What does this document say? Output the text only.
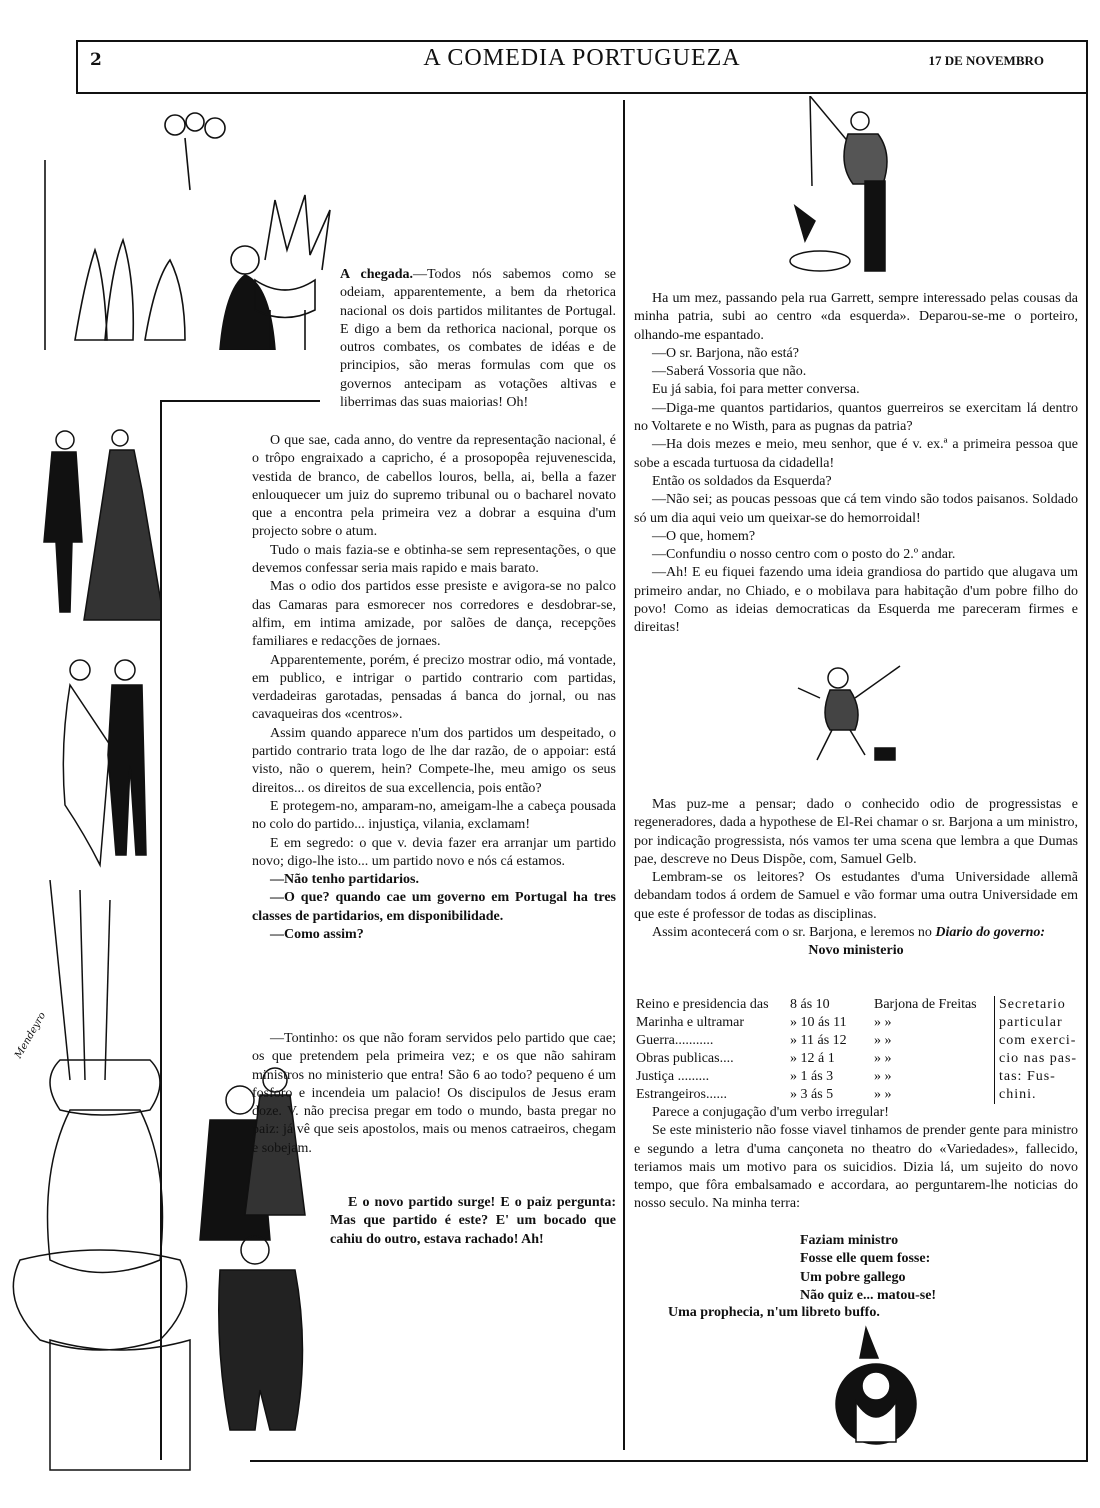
2	A COMEDIA PORTUGUEZA	17 DE NOVEMBRO
Mendeyro

A chegada.—Todos nós sabemos como se odeiam, apparentemente, a bem da rhetorica nacional os dois partidos militantes de Portugal. E digo a bem da rethorica nacional, porque os outros combates, os combates de idéas e de principios, são meras formulas com que os governos antecipam as votações altivas e liberrimas das suas maiorias! Oh!

O que sae, cada anno, do ventre da representação nacional, é o trôpo engraixado a capricho, é a prosopopêa rejuvenescida, vestida de branco, de cabellos louros, bella, ai, bella a fazer enlouquecer um juiz do supremo tribunal ou o bacharel novato que a encontra pela primeira vez a dobrar a esquina d'um projecto sobre o atum.

Tudo o mais fazia-se e obtinha-se sem representações, o que devemos confessar seria mais rapido e mais barato.

Mas o odio dos partidos esse presiste e avigora-se no palco das Camaras para esmorecer nos corredores e desdobrar-se, alfim, em intima amizade, por salões de dança, recepções familiares e redacções de jornaes.

Apparentemente, porém, é precizo mostrar odio, má vontade, em publico, e intrigar o partido contrario com partidas, verdadeiras garotadas, pensadas á banca do jornal, ou nas cavaqueiras dos «centros».

Assim quando apparece n'um dos partidos um despeitado, o partido contrario trata logo de lhe dar razão, de o appoiar: está visto, não o querem, hein? Compete-lhe, meu amigo os seus direitos... os direitos de sua excellencia, pois então?

E protegem-no, amparam-no, ameigam-lhe a cabeça pousada no colo do partido... injustiça, vilania, exclamam!

E em segredo: o que v. devia fazer era arranjar um partido novo; digo-lhe isto... um partido novo e nós cá estamos.

—Não tenho partidarios.

—O que? quando cae um governo em Portugal ha tres classes de partidarios, em disponibilidade.

—Como assim?

—Tontinho: os que não foram servidos pelo partido que cae; os que pretendem pela primeira vez; e os que não sahiram ministros no ministerio que entra! São 6 ao todo? pequeno é um fosforo e incendeia um palacio! Os discipulos de Jesus eram doze. V. não precisa pregar em todo o mundo, basta pregar no paiz: já vê que seis apostolos, mais ou menos catraeiros, chegam e sobejam.

E o novo partido surge! E o paiz pergunta: Mas que partido é este? E' um bocado que cahiu do outro, estava rachado! Ah!

Ha um mez, passando pela rua Garrett, sempre interessado pelas cousas da minha patria, subi ao centro «da esquerda». Deparou-se-me o porteiro, olhando-me espantado.

—O sr. Barjona, não está?

—Saberá Vossoria que não.

Eu já sabia, foi para metter conversa.

—Diga-me quantos partidarios, quantos guerreiros se exercitam lá dentro no Voltarete e no Wisth, para as pugnas da patria?

—Ha dois mezes e meio, meu senhor, que é v. ex.ª a primeira pessoa que sobe a escada turtuosa da cidadella!

Então os soldados da Esquerda?

—Não sei; as poucas pessoas que cá tem vindo são todos paisanos. Soldado só um dia aqui veio um queixar-se do hemorroidal!

—O que, homem?

—Confundiu o nosso centro com o posto do 2.º andar.

—Ah! E eu fiquei fazendo uma ideia grandiosa do partido que alugava um primeiro andar, no Chiado, e o mobilava para habitação d'um pobre filho do povo! Como as ideias democraticas da Esquerda me pareceram firmes e direitas!

Mas puz-me a pensar; dado o conhecido odio de progressistas e regeneradores, dada a hypothese de El-Rei chamar o sr. Barjona a um ministro, por indicação progressista, nós vamos ter uma scena que lembra a que Dumas pae, descreve no Deus Dispõe, com, Samuel Gelb.

Lembram-se os leitores? Os estudantes d'uma Universidade allemã debandam todos á ordem de Samuel e vão formar uma outra Universidade em que este é professor de todas as disciplinas.

Assim acontecerá com o sr. Barjona, e leremos no Diario do governo:

Novo ministerio

Reino e presidencia das	8 ás 10	Barjona de Freitas
Marinha e ultramar	» 10 ás 11	» »
Guerra...........	» 11 ás 12	» »
Obras publicas....	» 12 á 1	» »
Justiça .........	» 1 ás 3	» »
Estrangeiros......	» 3 ás 5	» »
Secretario
particular
com exerci-
cio nas pas-
tas: Fus-
chini.

Parece a conjugação d'um verbo irregular!

Se este ministerio não fosse viavel tinhamos de prender gente para ministro e segundo a letra d'uma cançoneta no theatro do «Variedades», fallecido, teriamos mais um motivo para os suicidios. Dizia lá, um sujeito do novo tempo, que fôra embalsamado e accordara, ao perguntarem-lhe noticias do nosso seculo. Na minha terra:

Faziam ministro

Fosse elle quem fosse:

Um pobre gallego

Não quiz e... matou-se!

Uma prophecia, n'um libreto buffo.
